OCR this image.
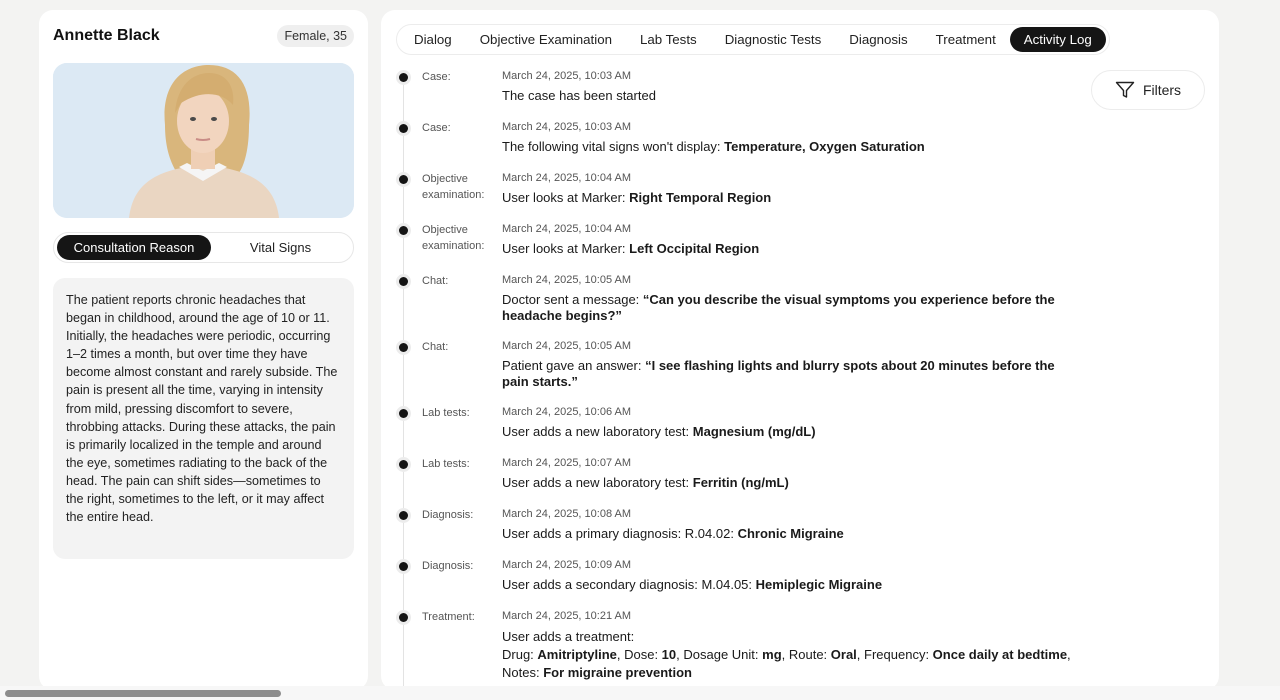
Annette Black	Female, 35
Consultation Reason	Vital Signs
The patient reports chronic headaches that began in childhood, around the age of 10 or 11. Initially, the headaches were periodic, occurring 1–2 times a month, but over time they have become almost constant and rarely subside. The pain is present all the time, varying in intensity from mild, pressing discomfort to severe, throbbing attacks. During these attacks, the pain is primarily localized in the temple and around the eye, sometimes radiating to the back of the head. The pain can shift sides—sometimes to the right, sometimes to the left, or it may affect the entire head.
Dialog	Objective Examination	Lab Tests	Diagnostic Tests	Diagnosis	Treatment	Activity Log
Filters
Case:	March 24, 2025, 10:03 AM
The case has been started
Case:	March 24, 2025, 10:03 AM
The following vital signs won't display: Temperature, Oxygen Saturation
Objective examination:
March 24, 2025, 10:04 AM
User looks at Marker: Right Temporal Region
Objective examination:
March 24, 2025, 10:04 AM
User looks at Marker: Left Occipital Region
Chat:	March 24, 2025, 10:05 AM
Doctor sent a message: “Can you describe the visual symptoms you experience before the headache begins?”
Chat:	March 24, 2025, 10:05 AM
Patient gave an answer: “I see flashing lights and blurry spots about 20 minutes before the pain starts.”
Lab tests:	March 24, 2025, 10:06 AM
User adds a new laboratory test: Magnesium (mg/dL)
Lab tests:	March 24, 2025, 10:07 AM
User adds a new laboratory test: Ferritin (ng/mL)
Diagnosis:	March 24, 2025, 10:08 AM
User adds a primary diagnosis: R.04.02: Chronic Migraine
Diagnosis:	March 24, 2025, 10:09 AM
User adds a secondary diagnosis: M.04.05: Hemiplegic Migraine
Treatment:	March 24, 2025, 10:21 AM
User adds a treatment:
Drug: Amitriptyline, Dose: 10, Dosage Unit: mg, Route: Oral, Frequency: Once daily at bedtime,
Notes: For migraine prevention
